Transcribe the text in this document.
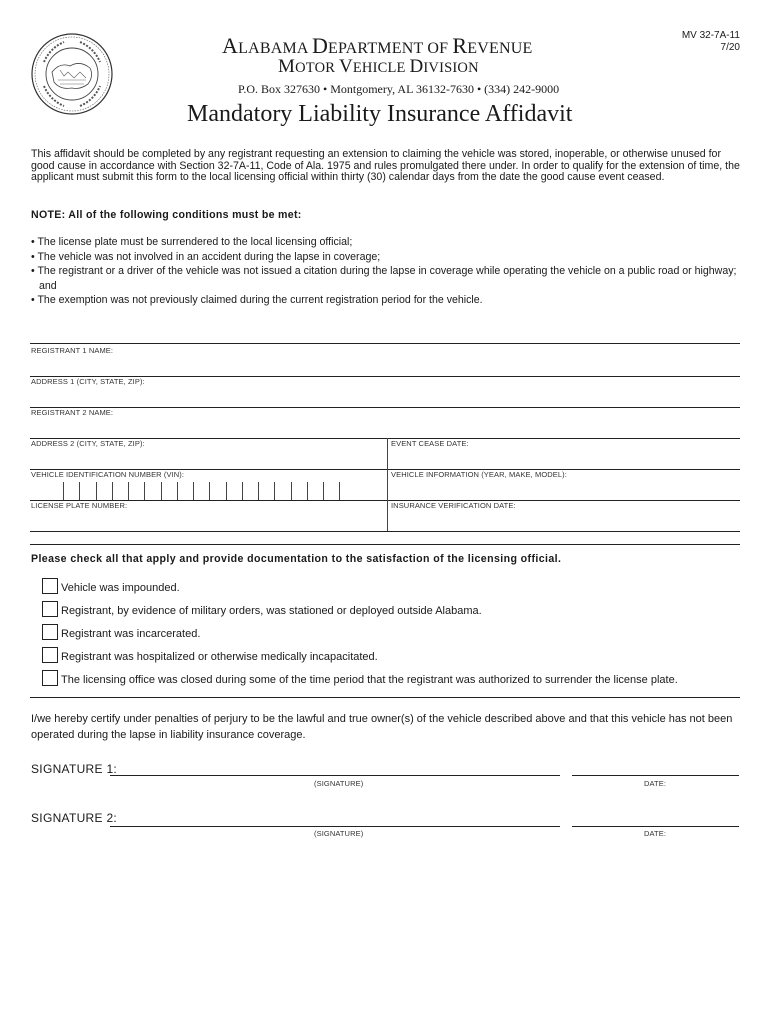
ALABAMA DEPARTMENT OF REVENUE
MOTOR VEHICLE DIVISION
P.O. Box 327630 • Montgomery, AL 36132-7630 • (334) 242-9000
Mandatory Liability Insurance Affidavit
MV 32-7A-11
7/20
This affidavit should be completed by any registrant requesting an extension to claiming the vehicle was stored, inoperable, or otherwise unused for good cause in accordance with Section 32-7A-11, Code of Ala. 1975 and rules promulgated there under. In order to qualify for the extension of time, the applicant must submit this form to the local licensing official within thirty (30) calendar days from the date the good cause event ceased.
NOTE: All of the following conditions must be met:
• The license plate must be surrendered to the local licensing official;
• The vehicle was not involved in an accident during the lapse in coverage;
• The registrant or a driver of the vehicle was not issued a citation during the lapse in coverage while operating the vehicle on a public road or highway; and
• The exemption was not previously claimed during the current registration period for the vehicle.
REGISTRANT 1 NAME:
ADDRESS 1 (CITY, STATE, ZIP):
REGISTRANT 2 NAME:
ADDRESS 2 (CITY, STATE, ZIP):	EVENT CEASE DATE:
VEHICLE IDENTIFICATION NUMBER (VIN):	VEHICLE INFORMATION (YEAR, MAKE, MODEL):
LICENSE PLATE NUMBER:	INSURANCE VERIFICATION DATE:
Please check all that apply and provide documentation to the satisfaction of the licensing official.
Vehicle was impounded.
Registrant, by evidence of military orders, was stationed or deployed outside Alabama.
Registrant was incarcerated.
Registrant was hospitalized or otherwise medically incapacitated.
The licensing office was closed during some of the time period that the registrant was authorized to surrender the license plate.
I/we hereby certify under penalties of perjury to be the lawful and true owner(s) of the vehicle described above and that this vehicle has not been operated during the lapse in liability insurance coverage.
SIGNATURE 1:
(SIGNATURE)	DATE:
SIGNATURE 2:
(SIGNATURE)	DATE:
